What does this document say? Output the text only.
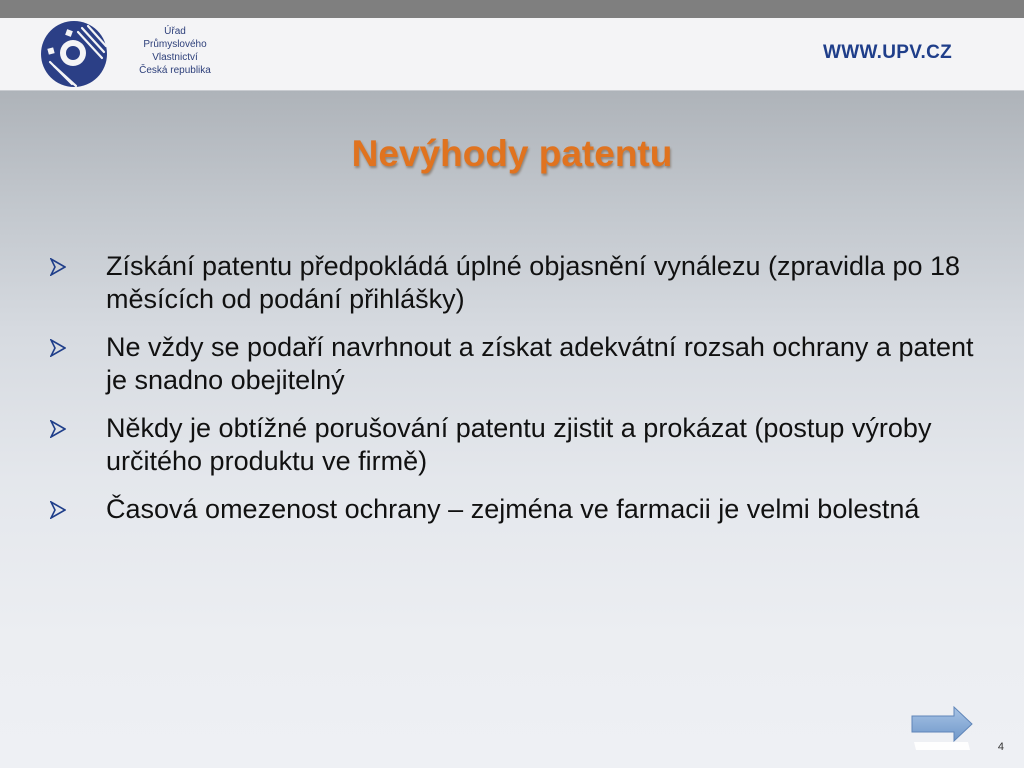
Úřad
Průmyslového
Vlastnictví
Česká republika
WWW.UPV.CZ
Nevýhody patentu
Získání patentu předpokládá úplné objasnění vynálezu (zpravidla po 18 měsících od podání přihlášky)
Ne vždy se podaří navrhnout a získat adekvátní rozsah ochrany a patent je snadno obejitelný
Někdy je obtížné porušování patentu zjistit a prokázat (postup výroby určitého produktu ve firmě)
Časová omezenost ochrany – zejména ve farmacii je velmi bolestná
4
